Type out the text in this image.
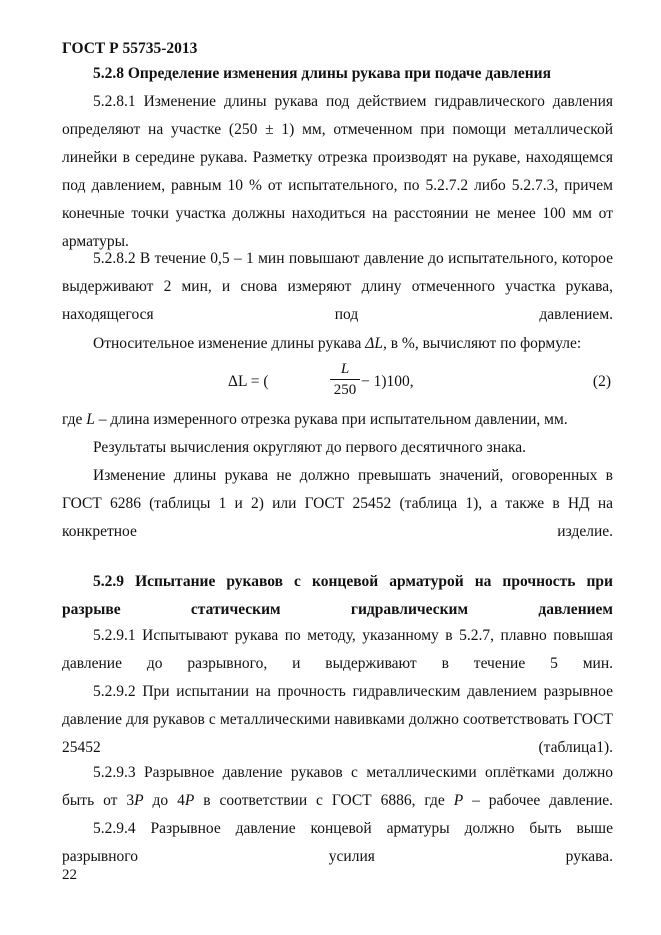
ГОСТ Р 55735-2013
5.2.8 Определение изменения длины рукава при подаче давления
5.2.8.1 Изменение длины рукава под действием гидравлического давления определяют на участке (250 ± 1) мм, отмеченном при помощи металлической линейки в середине рукава. Разметку отрезка производят на рукаве, находящемся под давлением, равным 10 % от испытательного, по 5.2.7.2 либо 5.2.7.3, причем конечные точки участка должны находиться на расстоянии не менее 100 мм от арматуры.
5.2.8.2 В течение 0,5 – 1 мин повышают давление до испытательного, которое выдерживают 2 мин, и снова измеряют длину отмеченного участка рукава, находящегося под давлением.
Относительное изменение длины рукава ΔL, в %, вычисляют по формуле:
ΔL = (	$\frac{L}{250} - 1)100$,	(2)
где L – длина измеренного отрезка рукава при испытательном давлении, мм.
Результаты вычисления округляют до первого десятичного знака.
Изменение длины рукава не должно превышать значений, оговоренных в ГОСТ 6286 (таблицы 1 и 2) или ГОСТ 25452 (таблица 1), а также в НД на конкретное изделие.
5.2.9 Испытание рукавов с концевой арматурой на прочность при разрыве статическим гидравлическим давлением
5.2.9.1 Испытывают рукава по методу, указанному в 5.2.7, плавно повышая давление до разрывного, и выдерживают в течение 5 мин.
5.2.9.2 При испытании на прочность гидравлическим давлением разрывное давление для рукавов с металлическими навивками должно соответствовать ГОСТ 25452 (таблица1).
5.2.9.3 Разрывное давление рукавов с металлическими оплётками должно быть от 3P до 4P в соответствии с ГОСТ 6886, где P – рабочее давление.
5.2.9.4 Разрывное давление концевой арматуры должно быть выше разрывного усилия рукава.
22
